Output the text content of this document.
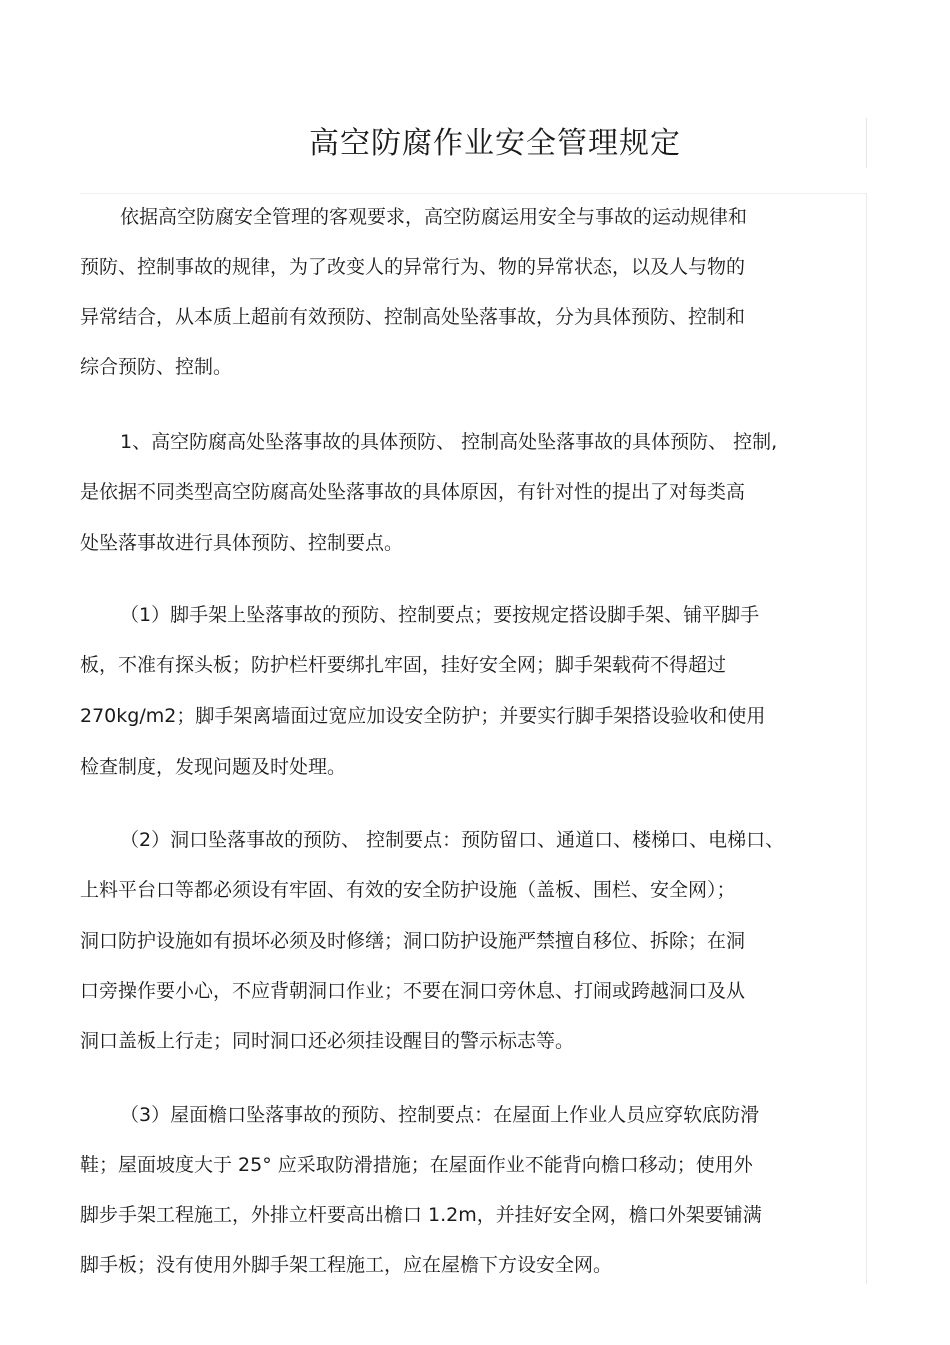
高空防腐作业安全管理规定
依据高空防腐安全管理的客观要求，高空防腐运用安全与事故的运动规律和
预防、控制事故的规律，为了改变人的异常行为、物的异常状态，以及人与物的
异常结合，从本质上超前有效预防、控制高处坠落事故，分为具体预防、控制和
综合预防、控制。
1、高空防腐高处坠落事故的具体预防、 控制高处坠落事故的具体预防、 控制,
是依据不同类型高空防腐高处坠落事故的具体原因，有针对性的提出了对每类高
处坠落事故进行具体预防、控制要点。
（1）脚手架上坠落事故的预防、控制要点；要按规定搭设脚手架、铺平脚手
板，不准有探头板；防护栏杆要绑扎牢固，挂好安全网；脚手架载荷不得超过
270kg/m2；脚手架离墙面过宽应加设安全防护；并要实行脚手架搭设验收和使用
检查制度，发现问题及时处理。
（2）洞口坠落事故的预防、 控制要点：预防留口、通道口、楼梯口、电梯口、
上料平台口等都必须设有牢固、有效的安全防护设施（盖板、围栏、安全网）；
洞口防护设施如有损坏必须及时修缮；洞口防护设施严禁擅自移位、拆除；在洞
口旁操作要小心，不应背朝洞口作业；不要在洞口旁休息、打闹或跨越洞口及从
洞口盖板上行走；同时洞口还必须挂设醒目的警示标志等。
（3）屋面檐口坠落事故的预防、控制要点：在屋面上作业人员应穿软底防滑
鞋；屋面坡度大于 25° 应采取防滑措施；在屋面作业不能背向檐口移动；使用外
脚步手架工程施工，外排立杆要高出檐口 1.2m，并挂好安全网，檐口外架要铺满
脚手板；没有使用外脚手架工程施工，应在屋檐下方设安全网。
